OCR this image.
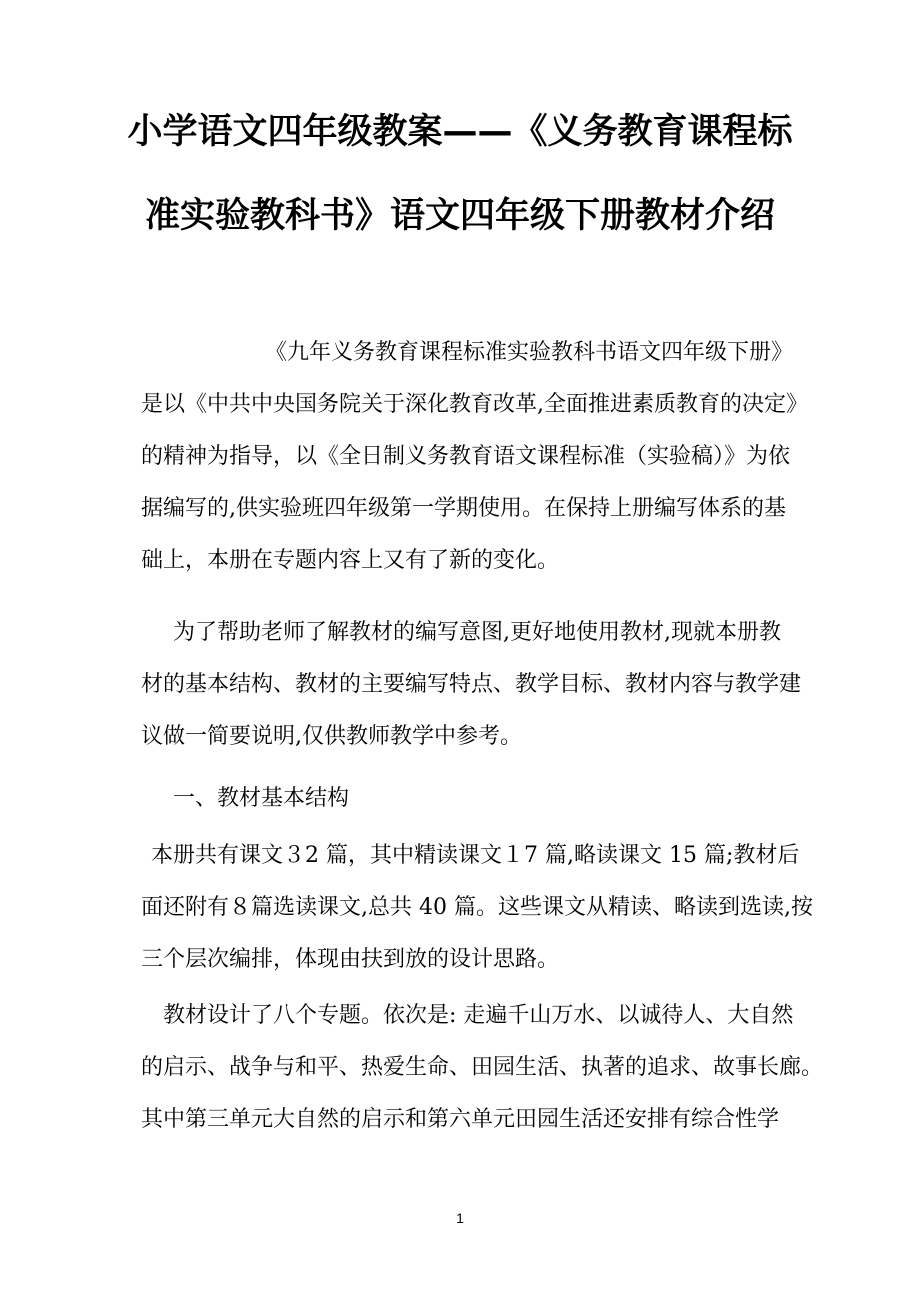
小学语文四年级教案——《义务教育课程标
准实验教科书》语文四年级下册教材介绍
《九年义务教育课程标准实验教科书语文四年级下册》
是以《中共中央国务院关于深化教育改革,全面推进素质教育的决定》
的精神为指导，以《全日制义务教育语文课程标准（实验稿）》为依
据编写的,供实验班四年级第一学期使用。在保持上册编写体系的基
础上，本册在专题内容上又有了新的变化。
为了帮助老师了解教材的编写意图,更好地使用教材,现就本册教
材的基本结构、教材的主要编写特点、教学目标、教材内容与教学建
议做一简要说明,仅供教师教学中参考。
一、教材基本结构
本册共有课文３2 篇，其中精读课文１7 篇,略读课文 15 篇;教材后
面还附有８篇选读课文,总共 40 篇。这些课文从精读、略读到选读,按
三个层次编排，体现由扶到放的设计思路。
教材设计了八个专题。依次是: 走遍千山万水、以诚待人、大自然
的启示、战争与和平、热爱生命、田园生活、执著的追求、故事长廊。
其中第三单元大自然的启示和第六单元田园生活还安排有综合性学
1
